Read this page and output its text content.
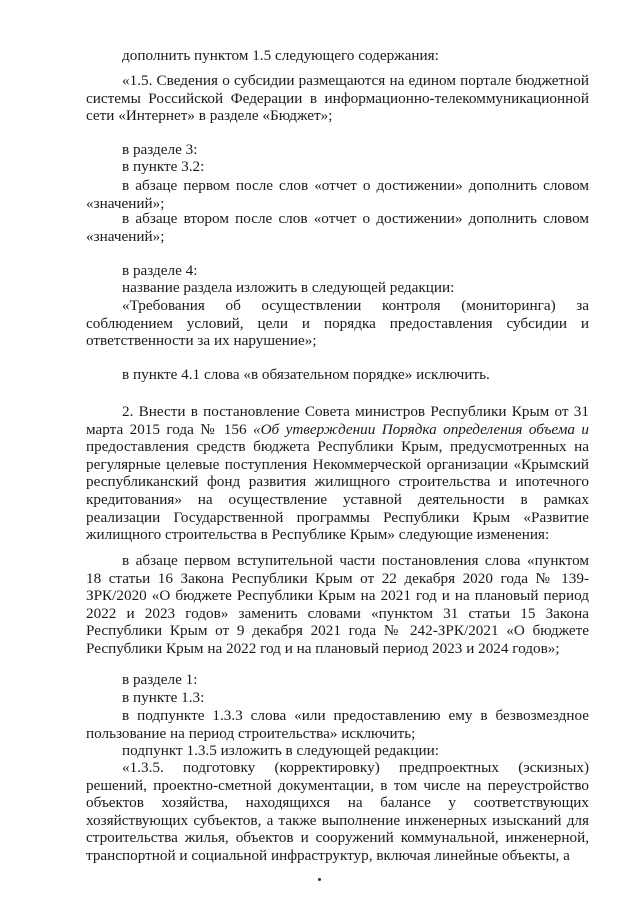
дополнить пунктом 1.5 следующего содержания:

«1.5. Сведения о субсидии размещаются на едином портале бюджетной системы Российской Федерации в информационно-телекоммуникационной сети «Интернет» в разделе «Бюджет»;

в разделе 3:

в пункте 3.2:

в абзаце первом после слов «отчет о достижении» дополнить словом «значений»;

в абзаце втором после слов «отчет о достижении» дополнить словом «значений»;

в разделе 4:

название раздела изложить в следующей редакции:

«Требования об осуществлении контроля (мониторинга) за соблюдением условий, цели и порядка предоставления субсидии и ответственности за их нарушение»;

в пункте 4.1 слова «в обязательном порядке» исключить.

2. Внести в постановление Совета министров Республики Крым от 31 марта 2015 года № 156 «Об утверждении Порядка определения объема и предоставления средств бюджета Республики Крым, предусмотренных на регулярные целевые поступления Некоммерческой организации «Крымский республиканский фонд развития жилищного строительства и ипотечного кредитования» на осуществление уставной деятельности в рамках реализации Государственной программы Республики Крым «Развитие жилищного строительства в Республике Крым» следующие изменения:

в абзаце первом вступительной части постановления слова «пунктом 18 статьи 16 Закона Республики Крым от 22 декабря 2020 года № 139-ЗРК/2020 «О бюджете Республики Крым на 2021 год и на плановый период 2022 и 2023 годов» заменить словами «пунктом 31 статьи 15 Закона Республики Крым от 9 декабря 2021 года № 242-ЗРК/2021 «О бюджете Республики Крым на 2022 год и на плановый период 2023 и 2024 годов»;

в разделе 1:

в пункте 1.3:

в подпункте 1.3.3 слова «или предоставлению ему в безвозмездное пользование на период строительства» исключить;

подпункт 1.3.5 изложить в следующей редакции:

«1.3.5. подготовку (корректировку) предпроектных (эскизных) решений, проектно-сметной документации, в том числе на переустройство объектов хозяйства, находящихся на балансе у соответствующих хозяйствующих субъектов, а также выполнение инженерных изысканий для строительства жилья, объектов и сооружений коммунальной, инженерной, транспортной и социальной инфраструктур, включая линейные объекты, а
